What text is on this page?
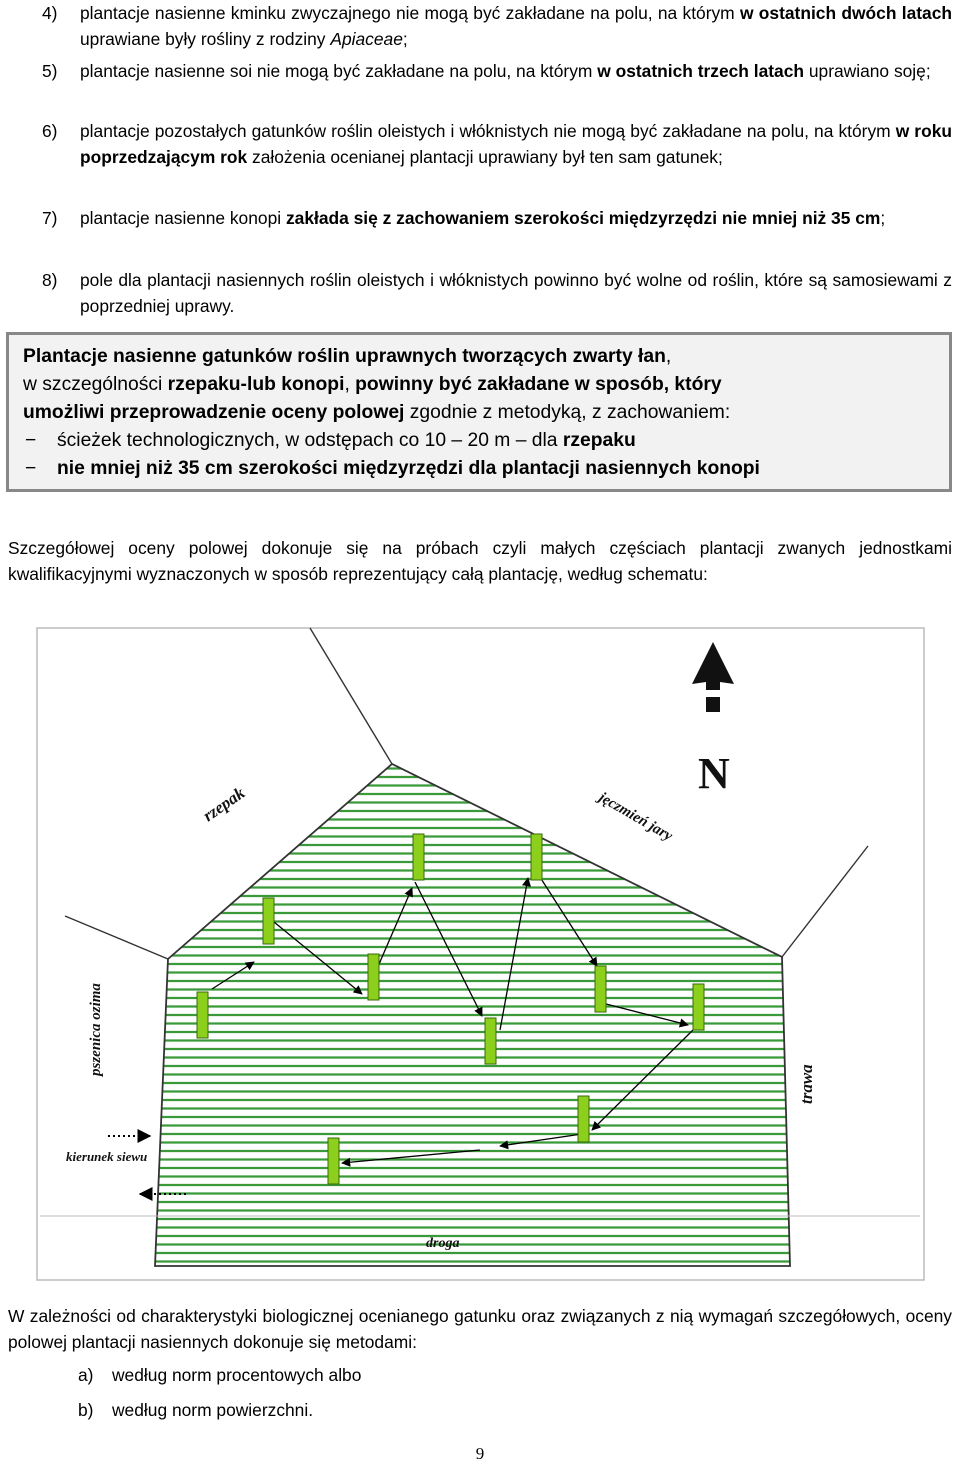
4)	plantacje nasienne kminku zwyczajnego nie mogą być zakładane na polu, na którym w ostatnich dwóch latach uprawiane były rośliny z rodziny Apiaceae;
5)	plantacje nasienne soi nie mogą być zakładane na polu, na którym w ostatnich trzech latach uprawiano soję;
6)	plantacje pozostałych gatunków roślin oleistych i włóknistych nie mogą być zakładane na polu, na którym w roku poprzedzającym rok założenia ocenianej plantacji uprawiany był ten sam gatunek;
7)	plantacje nasienne konopi zakłada się z zachowaniem szerokości międzyrzędzi nie mniej niż 35 cm;
8)	pole dla plantacji nasiennych roślin oleistych i włóknistych powinno być wolne od roślin, które są samosiewami z poprzedniej uprawy.
Plantacje nasienne gatunków roślin uprawnych tworzących zwarty łan,
w szczególności rzepaku-lub konopi, powinny być zakładane w sposób, który
umożliwi przeprowadzenie oceny polowej zgodnie z metodyką, z zachowaniem:
− ścieżek technologicznych, w odstępach co 10 – 20 m – dla rzepaku
− nie mniej niż 35 cm szerokości międzyrzędzi dla plantacji nasiennych konopi
Szczegółowej oceny polowej dokonuje się na próbach czyli małych częściach plantacji zwanych jednostkami kwalifikacyjnymi wyznaczonych w sposób reprezentujący całą plantację, według schematu:
N
rzepak	jęczmień jary
pszenica ozima
trawa
kierunek siewu
droga
W zależności od charakterystyki biologicznej ocenianego gatunku oraz związanych z nią wymagań szczegółowych, oceny polowej plantacji nasiennych dokonuje się metodami:
a) według norm procentowych albo
b) według norm powierzchni.
9
